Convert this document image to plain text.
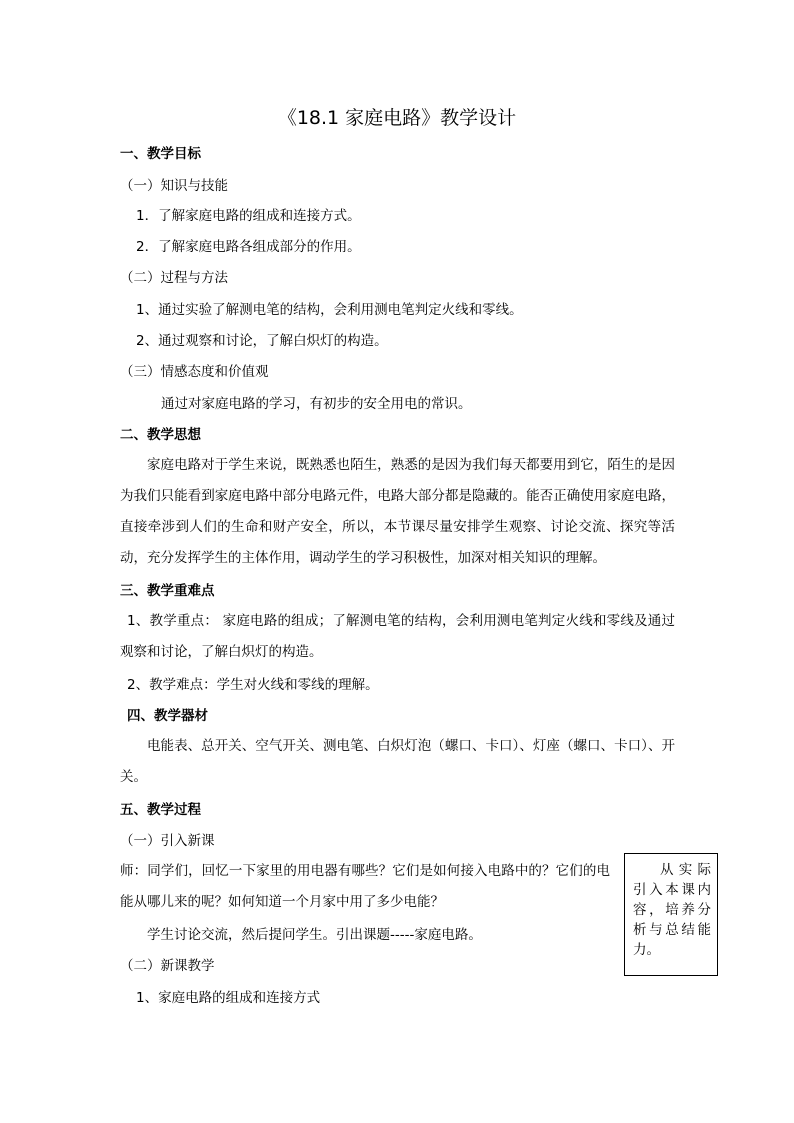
《18.1 家庭电路》教学设计
一、教学目标
（一）知识与技能
1．了解家庭电路的组成和连接方式。
2．了解家庭电路各组成部分的作用。
（二）过程与方法
1、通过实验了解测电笔的结构，会利用测电笔判定火线和零线。
2、通过观察和讨论，了解白炽灯的构造。
（三）情感态度和价值观
通过对家庭电路的学习，有初步的安全用电的常识。
二、教学思想
家庭电路对于学生来说，既熟悉也陌生，熟悉的是因为我们每天都要用到它，陌生的是因为我们只能看到家庭电路中部分电路元件，电路大部分都是隐藏的。能否正确使用家庭电路，直接牵涉到人们的生命和财产安全，所以，本节课尽量安排学生观察、讨论交流、探究等活动，充分发挥学生的主体作用，调动学生的学习积极性，加深对相关知识的理解。
三、教学重难点
1、教学重点： 家庭电路的组成；了解测电笔的结构，会利用测电笔判定火线和零线及通过观察和讨论，了解白炽灯的构造。
2、教学难点：学生对火线和零线的理解。
四、教学器材
电能表、总开关、空气开关、测电笔、白炽灯泡（螺口、卡口）、灯座（螺口、卡口）、开关。
五、教学过程
（一）引入新课
师：同学们，回忆一下家里的用电器有哪些？它们是如何接入电路中的？它们的电能从哪儿来的呢？如何知道一个月家中用了多少电能？
学生讨论交流，然后提问学生。引出课题-----家庭电路。
从实际引入本课内容，培养分析与总结能力。
（二）新课教学
1、家庭电路的组成和连接方式
